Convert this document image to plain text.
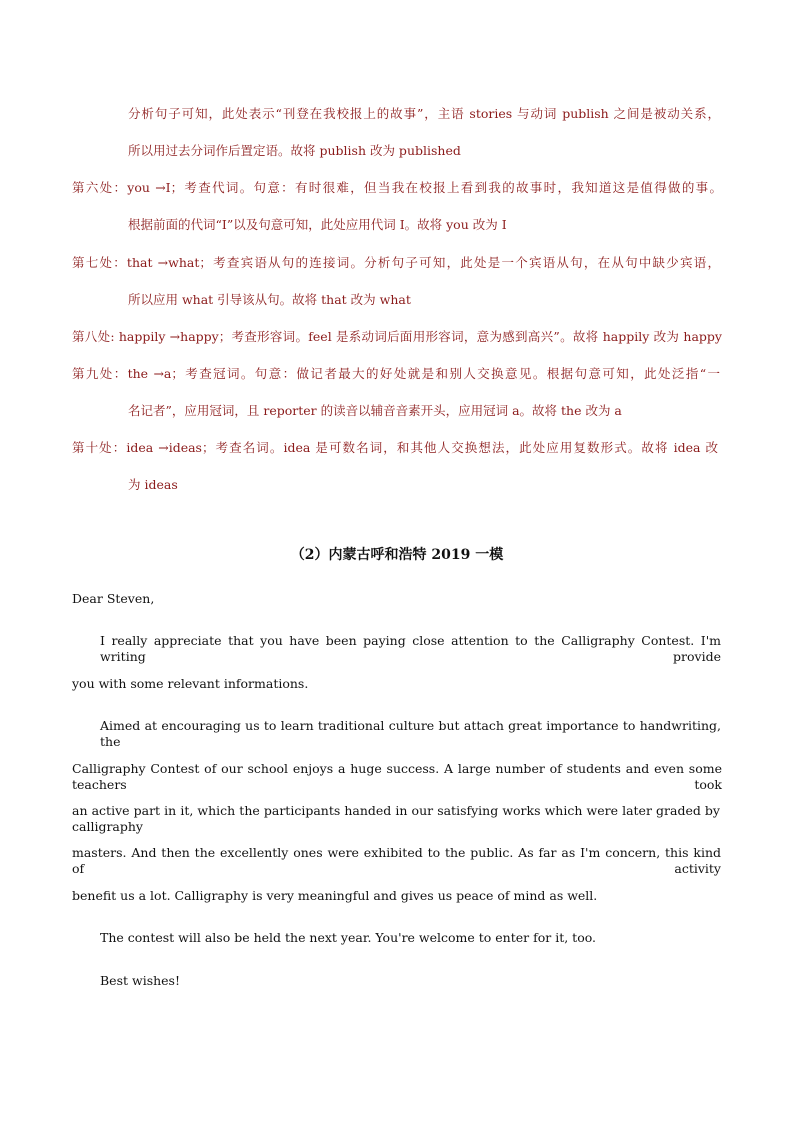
分析句子可知，此处表示“刊登在我校报上的故事”，主语 stories 与动词 publish 之间是被动关系，
所以用过去分词作后置定语。故将 publish 改为 published
第六处：you →I；考查代词。句意：有时很难，但当我在校报上看到我的故事时，我知道这是值得做的事。
根据前面的代词“I”以及句意可知，此处应用代词 I。故将 you 改为 I
第七处：that →what；考查宾语从句的连接词。分析句子可知，此处是一个宾语从句，在从句中缺少宾语，
所以应用 what 引导该从句。故将 that 改为 what
第八处: happily →happy；考查形容词。feel 是系动词后面用形容词，意为感到高兴”。故将 happily 改为 happy
第九处：the →a；考查冠词。句意：做记者最大的好处就是和别人交换意见。根据句意可知，此处泛指“一
名记者”，应用冠词，且 reporter 的读音以辅音音素开头，应用冠词 a。故将 the 改为 a
第十处：idea →ideas；考查名词。idea 是可数名词，和其他人交换想法，此处应用复数形式。故将 idea 改
为 ideas
（2）内蒙古呼和浩特 2019 一模
Dear Steven,
I really appreciate that you have been paying close attention to the Calligraphy Contest. I'm writing provide
you with some relevant informations.
Aimed at encouraging us to learn traditional culture but attach great importance to handwriting, the
Calligraphy Contest of our school enjoys a huge success. A large number of students and even some teachers took
an active part in it, which the participants handed in our satisfying works which were later graded by calligraphy
masters. And then the excellently ones were exhibited to the public. As far as I'm concern, this kind of activity
benefit us a lot. Calligraphy is very meaningful and gives us peace of mind as well.
The contest will also be held the next year. You're welcome to enter for it, too.
Best wishes!
